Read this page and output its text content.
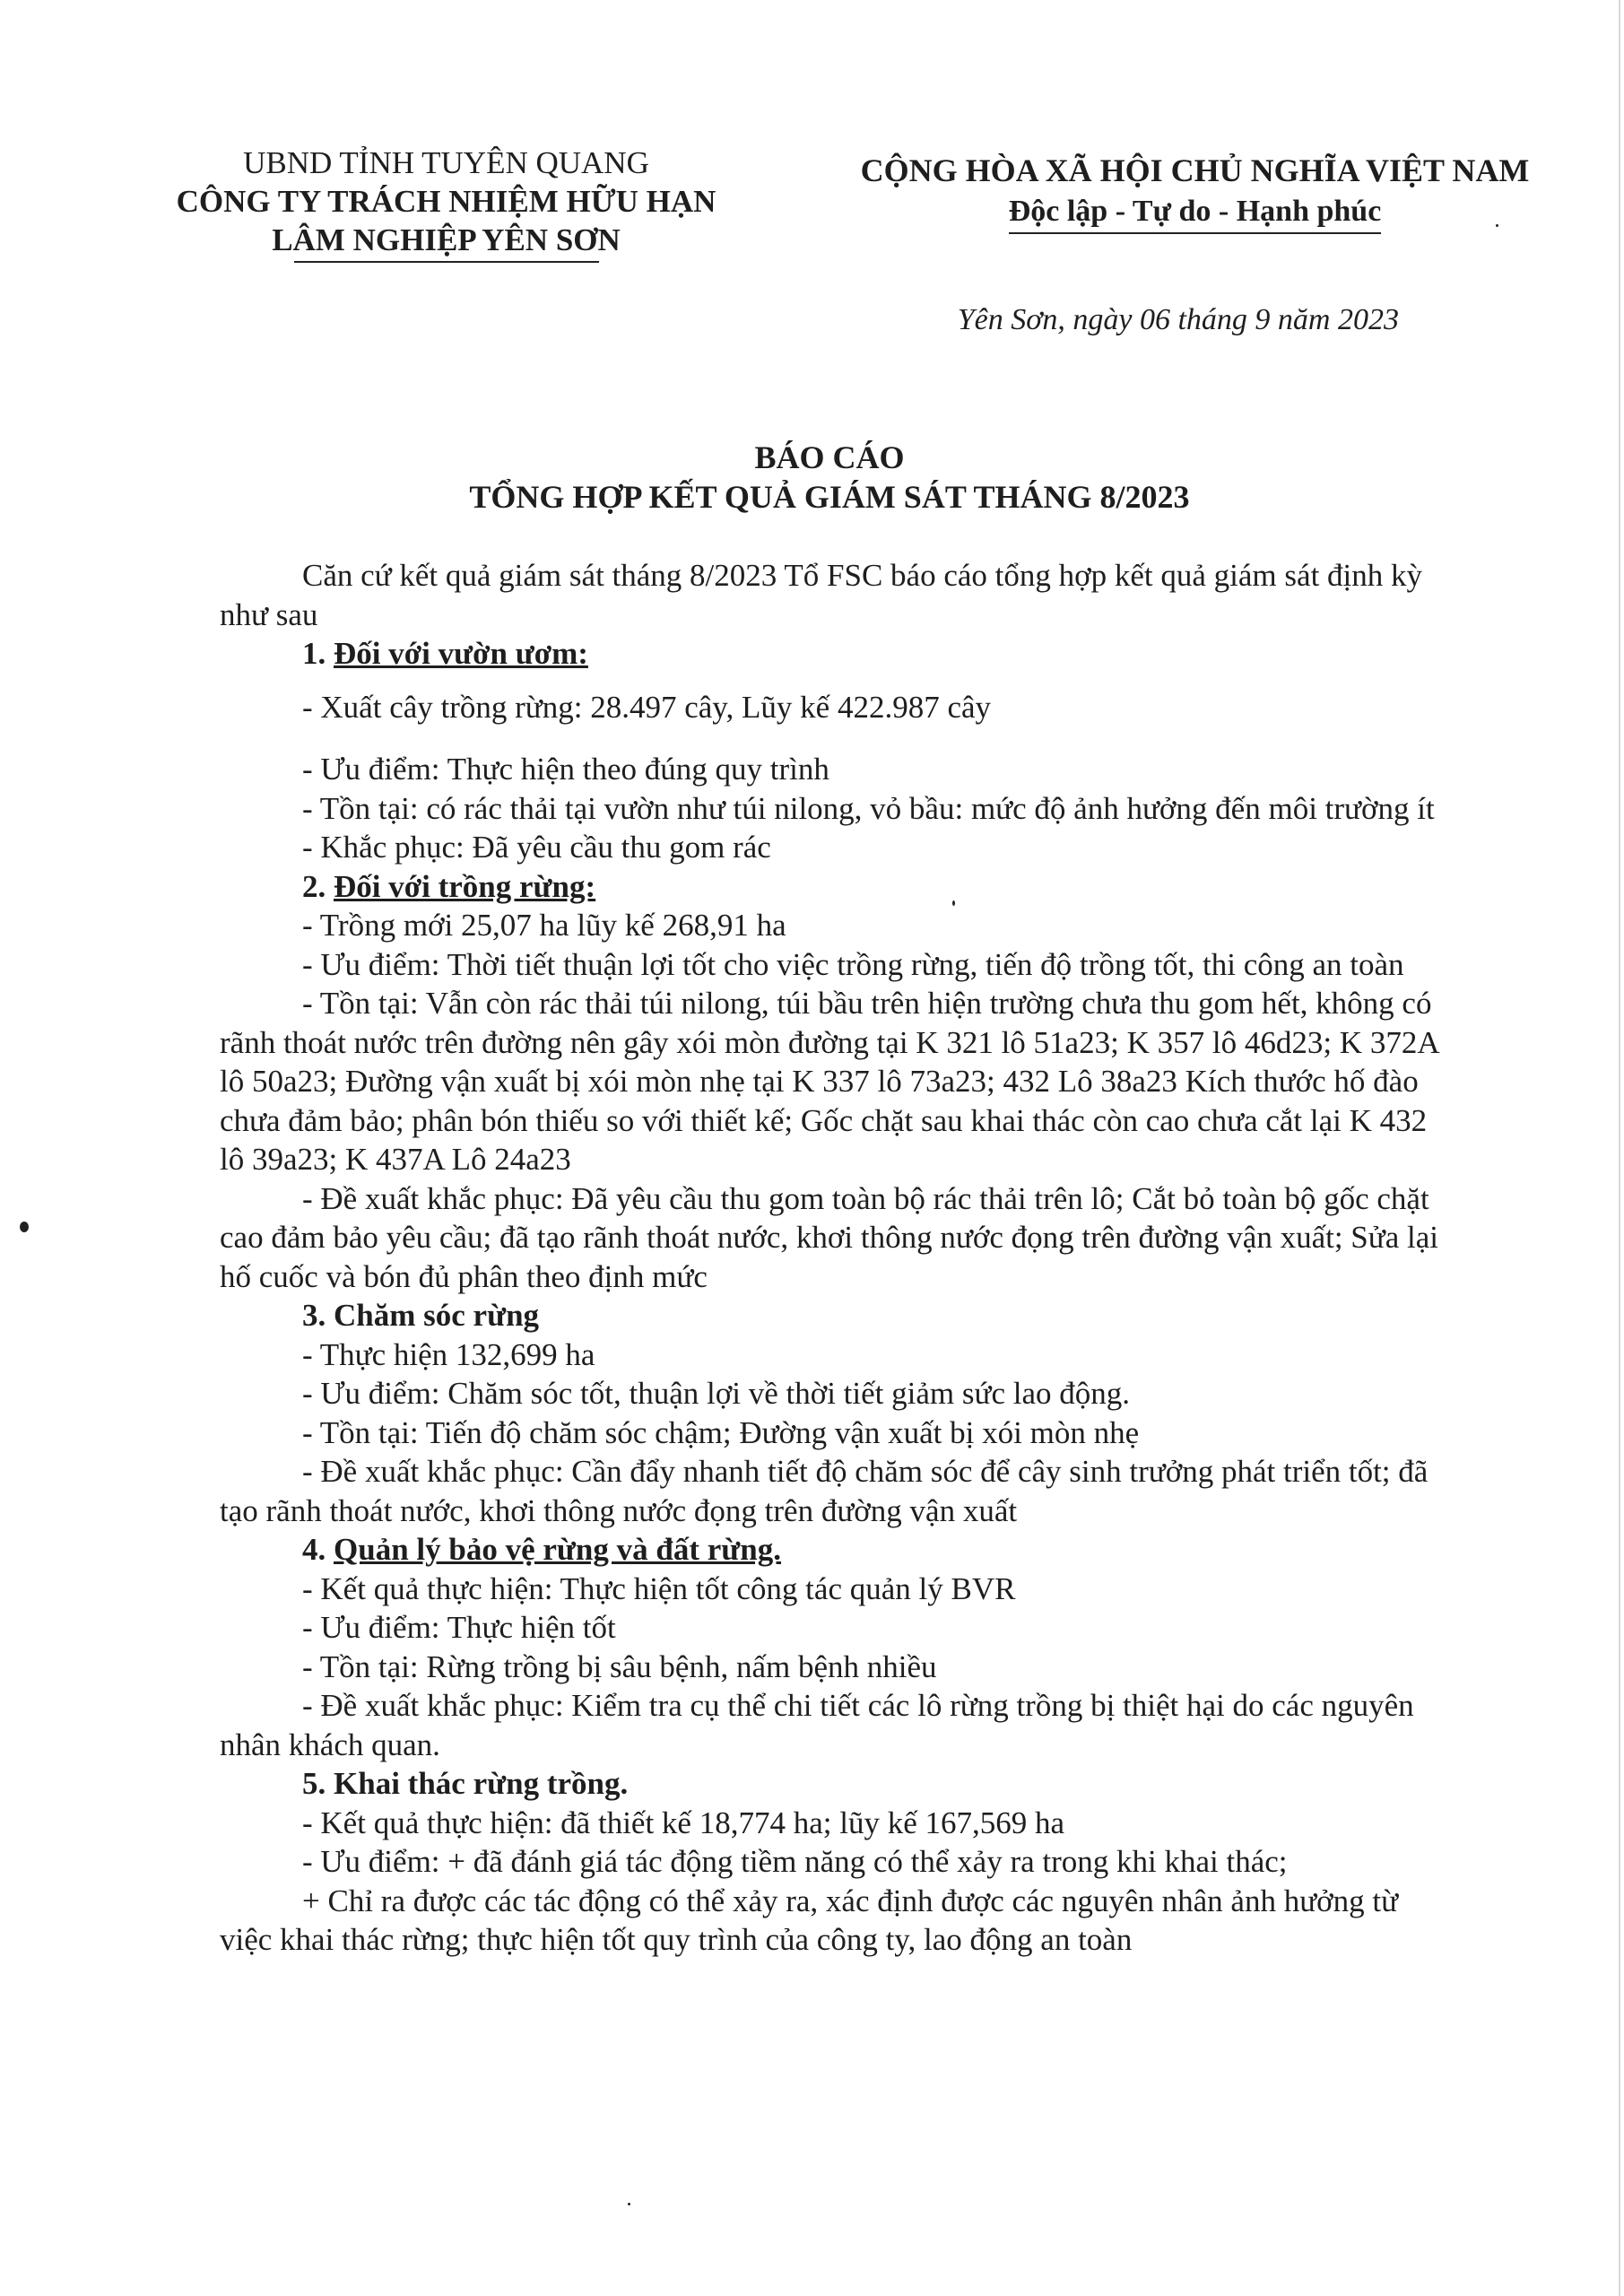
UBND TỈNH TUYÊN QUANG
CÔNG TY TRÁCH NHIỆM HỮU HẠN
LÂM NGHIỆP YÊN SƠN
CỘNG HÒA XÃ HỘI CHỦ NGHĨA VIỆT NAM
Độc lập - Tự do - Hạnh phúc
Yên Sơn, ngày 06 tháng 9 năm 2023
BÁO CÁO
TỔNG HỢP KẾT QUẢ GIÁM SÁT THÁNG 8/2023

Căn cứ kết quả giám sát tháng 8/2023 Tổ FSC báo cáo tổng hợp kết quả giám sát định kỳ như sau

1. Đối với vườn ươm:

- Xuất cây trồng rừng: 28.497 cây, Lũy kế 422.987 cây

- Ưu điểm: Thực hiện theo đúng quy trình

- Tồn tại: có rác thải tại vườn như túi nilong, vỏ bầu: mức độ ảnh hưởng đến môi trường ít

- Khắc phục: Đã yêu cầu thu gom rác

2. Đối với trồng rừng:

- Trồng mới 25,07 ha lũy kế 268,91 ha

- Ưu điểm: Thời tiết thuận lợi tốt cho việc trồng rừng, tiến độ trồng tốt, thi công an toàn

- Tồn tại: Vẫn còn rác thải túi nilong, túi bầu trên hiện trường chưa thu gom hết, không có rãnh thoát nước trên đường nên gây xói mòn đường tại K 321 lô 51a23; K 357 lô 46d23; K 372A lô 50a23; Đường vận xuất bị xói mòn nhẹ tại K 337 lô 73a23; 432 Lô 38a23 Kích thước hố đào chưa đảm bảo; phân bón thiếu so với thiết kế; Gốc chặt sau khai thác còn cao chưa cắt lại K 432 lô 39a23; K 437A Lô 24a23

- Đề xuất khắc phục: Đã yêu cầu thu gom toàn bộ rác thải trên lô; Cắt bỏ toàn bộ gốc chặt cao đảm bảo yêu cầu; đã tạo rãnh thoát nước, khơi thông nước đọng trên đường vận xuất; Sửa lại hố cuốc và bón đủ phân theo định mức

3. Chăm sóc rừng

- Thực hiện 132,699 ha

- Ưu điểm: Chăm sóc tốt, thuận lợi về thời tiết giảm sức lao động.

- Tồn tại: Tiến độ chăm sóc chậm; Đường vận xuất bị xói mòn nhẹ

- Đề xuất khắc phục: Cần đẩy nhanh tiết độ chăm sóc để cây sinh trưởng phát triển tốt; đã tạo rãnh thoát nước, khơi thông nước đọng trên đường vận xuất

4. Quản lý bảo vệ rừng và đất rừng.

- Kết quả thực hiện: Thực hiện tốt công tác quản lý BVR

- Ưu điểm: Thực hiện tốt

- Tồn tại: Rừng trồng bị sâu bệnh, nấm bệnh nhiều

- Đề xuất khắc phục: Kiểm tra cụ thể chi tiết các lô rừng trồng bị thiệt hại do các nguyên nhân khách quan.

5. Khai thác rừng trồng.

- Kết quả thực hiện: đã thiết kế 18,774 ha; lũy kế 167,569 ha

- Ưu điểm: + đã đánh giá tác động tiềm năng có thể xảy ra trong khi khai thác;

+ Chỉ ra được các tác động có thể xảy ra, xác định được các nguyên nhân ảnh hưởng từ việc khai thác rừng; thực hiện tốt quy trình của công ty, lao động an toàn
